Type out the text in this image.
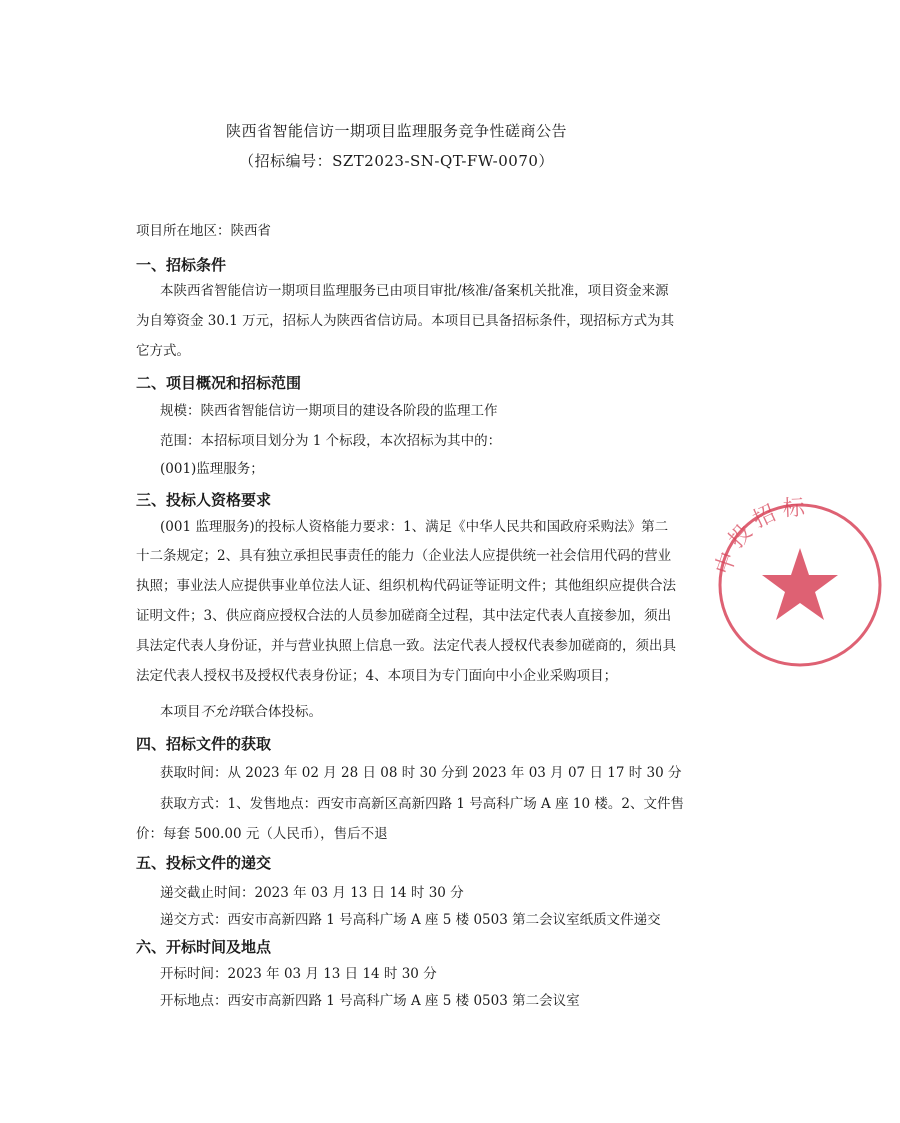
陕西省智能信访一期项目监理服务竞争性磋商公告
（招标编号：SZT2023-SN-QT-FW-0070）
项目所在地区：陕西省
一、招标条件
本陕西省智能信访一期项目监理服务已由项目审批/核准/备案机关批准，项目资金来源
为自筹资金 30.1 万元，招标人为陕西省信访局。本项目已具备招标条件，现招标方式为其
它方式。
二、项目概况和招标范围
规模：陕西省智能信访一期项目的建设各阶段的监理工作
范围：本招标项目划分为 1 个标段，本次招标为其中的：
(001)监理服务；
三、投标人资格要求
(001 监理服务)的投标人资格能力要求：1、满足《中华人民共和国政府采购法》第二
十二条规定；2、具有独立承担民事责任的能力（企业法人应提供统一社会信用代码的营业
执照；事业法人应提供事业单位法人证、组织机构代码证等证明文件；其他组织应提供合法
证明文件；3、供应商应授权合法的人员参加磋商全过程，其中法定代表人直接参加，须出
具法定代表人身份证，并与营业执照上信息一致。法定代表人授权代表参加磋商的，须出具
法定代表人授权书及授权代表身份证；4、本项目为专门面向中小企业采购项目；
本项目不允许联合体投标。
四、招标文件的获取
获取时间：从 2023 年 02 月 28 日 08 时 30 分到 2023 年 03 月 07 日 17 时 30 分
获取方式：1、发售地点：西安市高新区高新四路 1 号高科广场 A 座 10 楼。2、文件售
价：每套 500.00 元（人民币），售后不退
五、投标文件的递交
递交截止时间：2023 年 03 月 13 日 14 时 30 分
递交方式：西安市高新四路 1 号高科广场 A 座 5 楼 0503 第二会议室纸质文件递交
六、开标时间及地点
开标时间：2023 年 03 月 13 日 14 时 30 分
开标地点：西安市高新四路 1 号高科广场 A 座 5 楼 0503 第二会议室
中投招标
